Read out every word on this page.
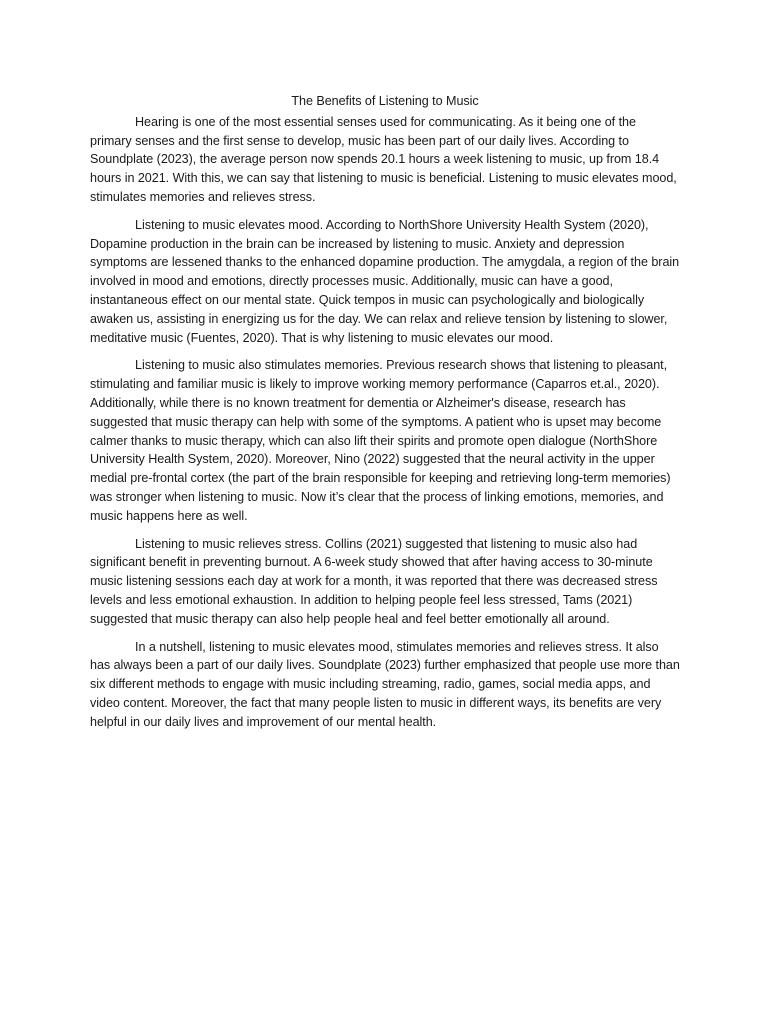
The Benefits of Listening to Music

Hearing is one of the most essential senses used for communicating. As it being one of the primary senses and the first sense to develop, music has been part of our daily lives. According to Soundplate (2023), the average person now spends 20.1 hours a week listening to music, up from 18.4 hours in 2021. With this, we can say that listening to music is beneficial. Listening to music elevates mood, stimulates memories and relieves stress.

Listening to music elevates mood. According to NorthShore University Health System (2020), Dopamine production in the brain can be increased by listening to music. Anxiety and depression symptoms are lessened thanks to the enhanced dopamine production. The amygdala, a region of the brain involved in mood and emotions, directly processes music. Additionally, music can have a good, instantaneous effect on our mental state. Quick tempos in music can psychologically and biologically awaken us, assisting in energizing us for the day. We can relax and relieve tension by listening to slower, meditative music (Fuentes, 2020). That is why listening to music elevates our mood.

Listening to music also stimulates memories. Previous research shows that listening to pleasant, stimulating and familiar music is likely to improve working memory performance (Caparros et.al., 2020). Additionally, while there is no known treatment for dementia or Alzheimer's disease, research has suggested that music therapy can help with some of the symptoms. A patient who is upset may become calmer thanks to music therapy, which can also lift their spirits and promote open dialogue (NorthShore University Health System, 2020). Moreover, Nino (2022) suggested that the neural activity in the upper medial pre-frontal cortex (the part of the brain responsible for keeping and retrieving long-term memories) was stronger when listening to music. Now it’s clear that the process of linking emotions, memories, and music happens here as well.

Listening to music relieves stress. Collins (2021) suggested that listening to music also had significant benefit in preventing burnout. A 6-week study showed that after having access to 30-minute music listening sessions each day at work for a month, it was reported that there was decreased stress levels and less emotional exhaustion. In addition to helping people feel less stressed, Tams (2021) suggested that music therapy can also help people heal and feel better emotionally all around.

In a nutshell, listening to music elevates mood, stimulates memories and relieves stress. It also has always been a part of our daily lives. Soundplate (2023) further emphasized that people use more than six different methods to engage with music including streaming, radio, games, social media apps, and video content. Moreover, the fact that many people listen to music in different ways, its benefits are very helpful in our daily lives and improvement of our mental health.
